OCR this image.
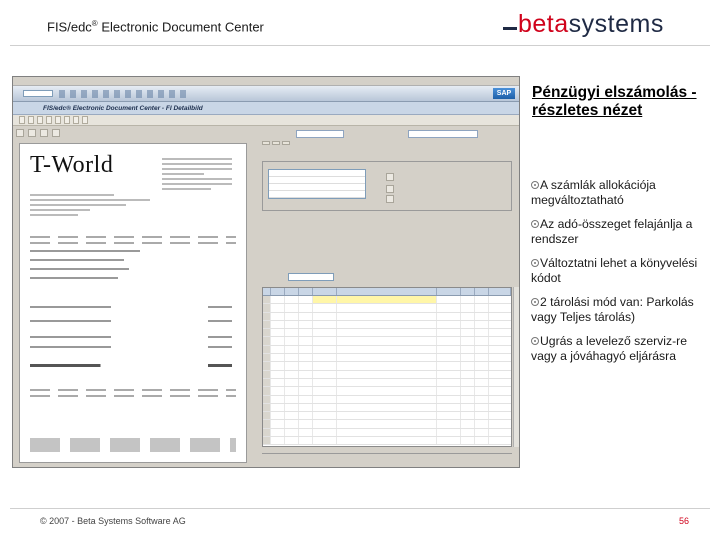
FIS/edc® Electronic Document Center	betasystems
SAP
FIS/edc® Electronic Document Center - FI Detailbild
T-World
Pénzügyi elszámolás - részletes nézet
A számlák allokációja megváltoztatható
Az adó-összeget felajánlja a rendszer
Változtatni lehet a könyvelési kódot
2 tárolási mód van: Parkolás vagy Teljes tárolás)
Ugrás a levelező szerviz-re vagy a jóváhagyó eljárásra
© 2007 - Beta Systems Software AG	56
